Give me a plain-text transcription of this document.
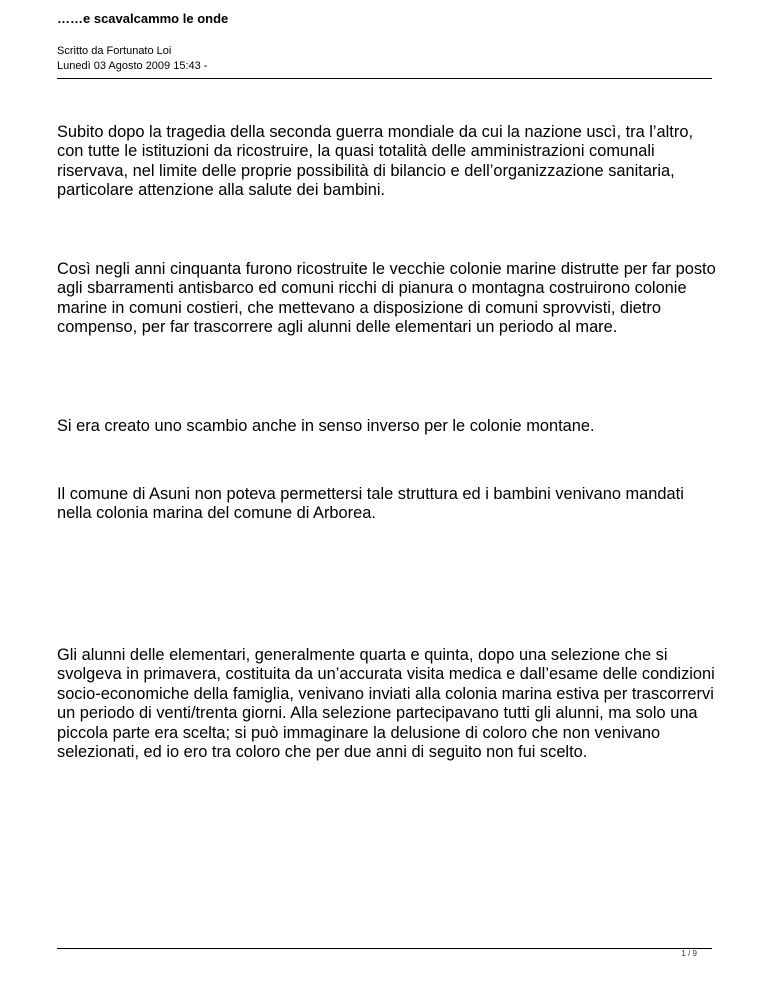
……e scavalcammo le onde
Scritto da Fortunato Loi
Lunedì 03 Agosto 2009 15:43 -

Subito dopo la tragedia della seconda guerra mondiale da cui la nazione uscì, tra l’altro, con tutte le istituzioni da ricostruire, la quasi totalità delle amministrazioni comunali riservava, nel limite delle proprie possibilità di bilancio e dell’organizzazione sanitaria, particolare attenzione alla salute dei bambini.

Così negli anni cinquanta furono ricostruite le vecchie colonie marine distrutte per far posto agli sbarramenti antisbarco ed comuni ricchi di pianura o montagna costruirono colonie marine in comuni costieri, che mettevano a disposizione di comuni sprovvisti, dietro compenso, per far trascorrere agli alunni delle elementari un periodo al mare.

Si era creato uno scambio anche in senso inverso per le colonie montane.

Il comune di Asuni non poteva permettersi tale struttura ed i bambini venivano mandati nella colonia marina del comune di Arborea.

Gli alunni delle elementari, generalmente quarta e quinta, dopo una selezione che si svolgeva in primavera, costituita da un’accurata visita medica e dall’esame delle condizioni socio-economiche della famiglia, venivano inviati alla colonia marina estiva per trascorrervi un periodo di venti/trenta giorni. Alla selezione partecipavano tutti gli alunni, ma solo una piccola parte era scelta; si può immaginare la delusione di coloro che non venivano selezionati, ed io ero tra coloro che per due anni di seguito non fui scelto.

1 / 9
